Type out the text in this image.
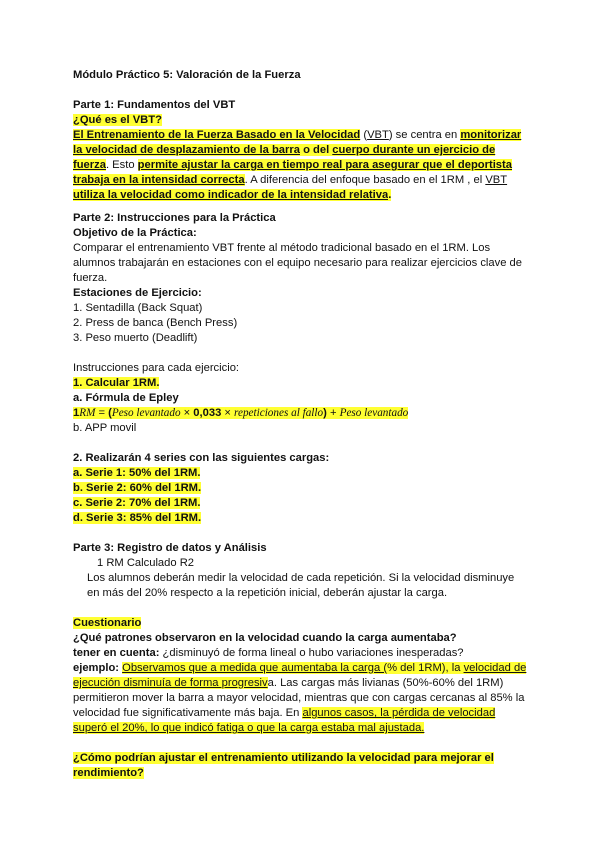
Módulo Práctico 5: Valoración de la Fuerza

Parte 1: Fundamentos del VBT

¿Qué es el VBT?

El Entrenamiento de la Fuerza Basado en la Velocidad (VBT) se centra en monitorizar la velocidad de desplazamiento de la barra o del cuerpo durante un ejercicio de fuerza. Esto permite ajustar la carga en tiempo real para asegurar que el deportista trabaja en la intensidad correcta. A diferencia del enfoque basado en el 1RM , el VBT utiliza la velocidad como indicador de la intensidad relativa.

Parte 2: Instrucciones para la Práctica

Objetivo de la Práctica:

Comparar el entrenamiento VBT frente al método tradicional basado en el 1RM. Los alumnos trabajarán en estaciones con el equipo necesario para realizar ejercicios clave de fuerza.

Estaciones de Ejercicio:

1. Sentadilla (Back Squat)

2. Press de banca (Bench Press)

3. Peso muerto (Deadlift)

Instrucciones para cada ejercicio:

1. Calcular 1RM.

a. Fórmula de Epley

1RM = (Peso levantado × 0,033 × repeticiones al fallo) + Peso levantado

b. APP movil

2. Realizarán 4 series con las siguientes cargas:

a. Serie 1: 50% del 1RM.

b. Serie 2: 60% del 1RM.

c. Serie 2: 70% del 1RM.

d. Serie 3: 85% del 1RM.

Parte 3: Registro de datos y Análisis

1 RM Calculado R2

Los alumnos deberán medir la velocidad de cada repetición. Si la velocidad disminuye en más del 20% respecto a la repetición inicial, deberán ajustar la carga.

Cuestionario

¿Qué patrones observaron en la velocidad cuando la carga aumentaba?

tener en cuenta: ¿disminuyó de forma lineal o hubo variaciones inesperadas?

ejemplo: Observamos que a medida que aumentaba la carga (% del 1RM), la velocidad de ejecución disminuía de forma progresiva. Las cargas más livianas (50%-60% del 1RM) permitieron mover la barra a mayor velocidad, mientras que con cargas cercanas al 85% la velocidad fue significativamente más baja. En algunos casos, la pérdida de velocidad superó el 20%, lo que indicó fatiga o que la carga estaba mal ajustada.

¿Cómo podrían ajustar el entrenamiento utilizando la velocidad para mejorar el rendimiento?
